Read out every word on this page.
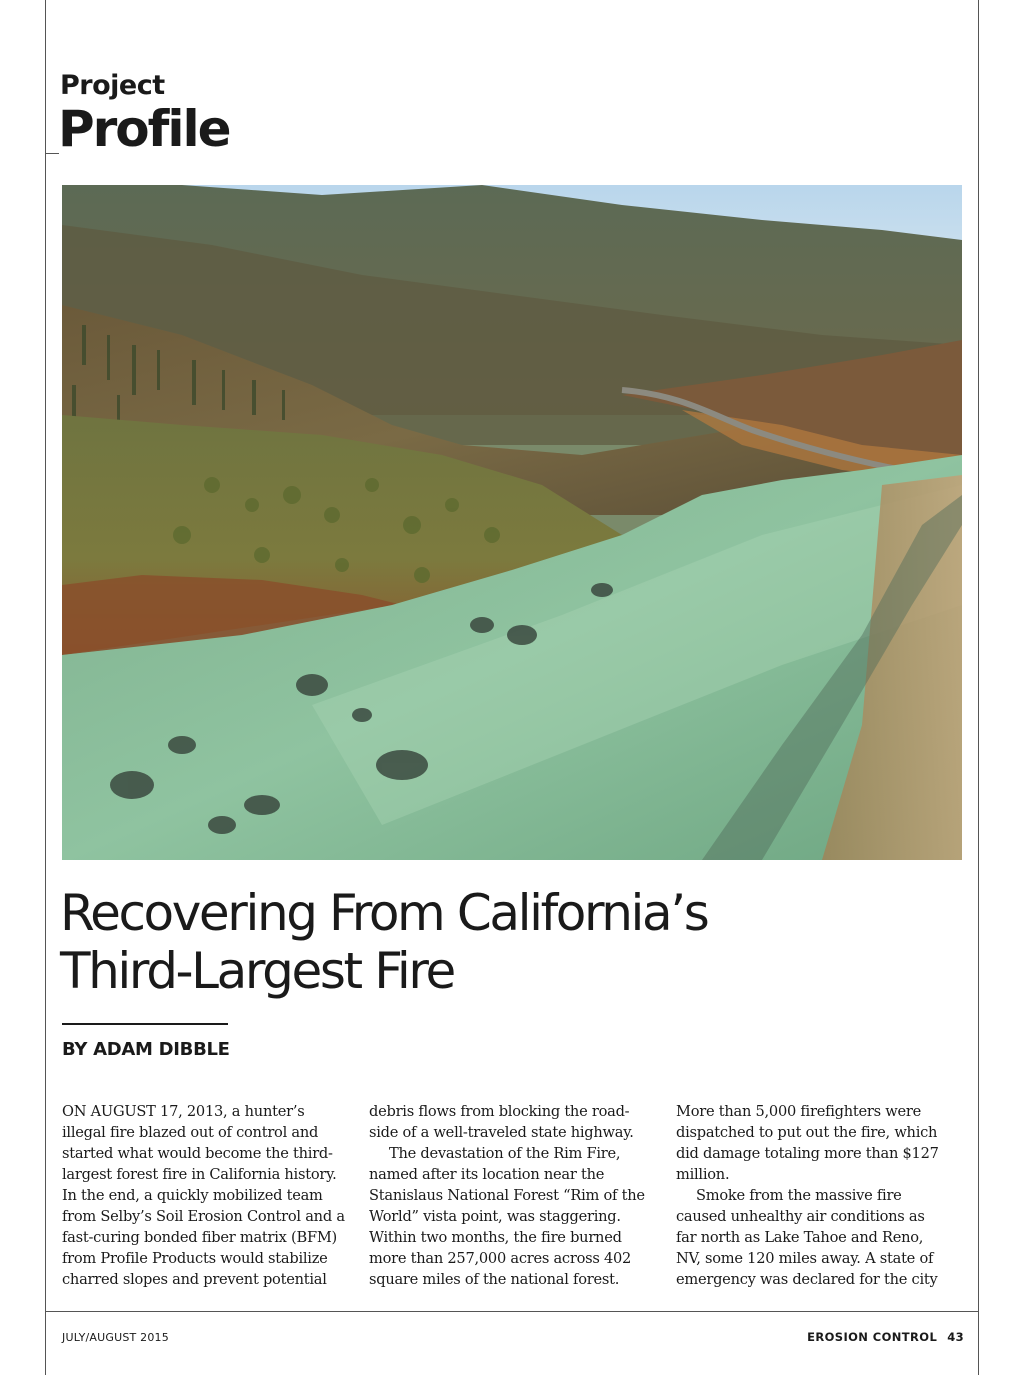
Project
Profile
Recovering From California’s
Third-Largest Fire

BY ADAM DIBBLE

ON AUGUST 17, 2013, a hunter’s
illegal fire blazed out of control and
started what would become the third-
largest forest fire in California history.
In the end, a quickly mobilized team
from Selby’s Soil Erosion Control and a
fast-curing bonded fiber matrix (BFM)
from Profile Products would stabilize
charred slopes and prevent potential
debris flows from blocking the road-
side of a well-traveled state highway.
The devastation of the Rim Fire,
named after its location near the
Stanislaus National Forest “Rim of the
World” vista point, was staggering.
Within two months, the fire burned
more than 257,000 acres across 402
square miles of the national forest.
More than 5,000 firefighters were
dispatched to put out the fire, which
did damage totaling more than $127
million.
Smoke from the massive fire
caused unhealthy air conditions as
far north as Lake Tahoe and Reno,
NV, some 120 miles away. A state of
emergency was declared for the city
JULY/AUGUST 2015	EROSION CONTROL 43
